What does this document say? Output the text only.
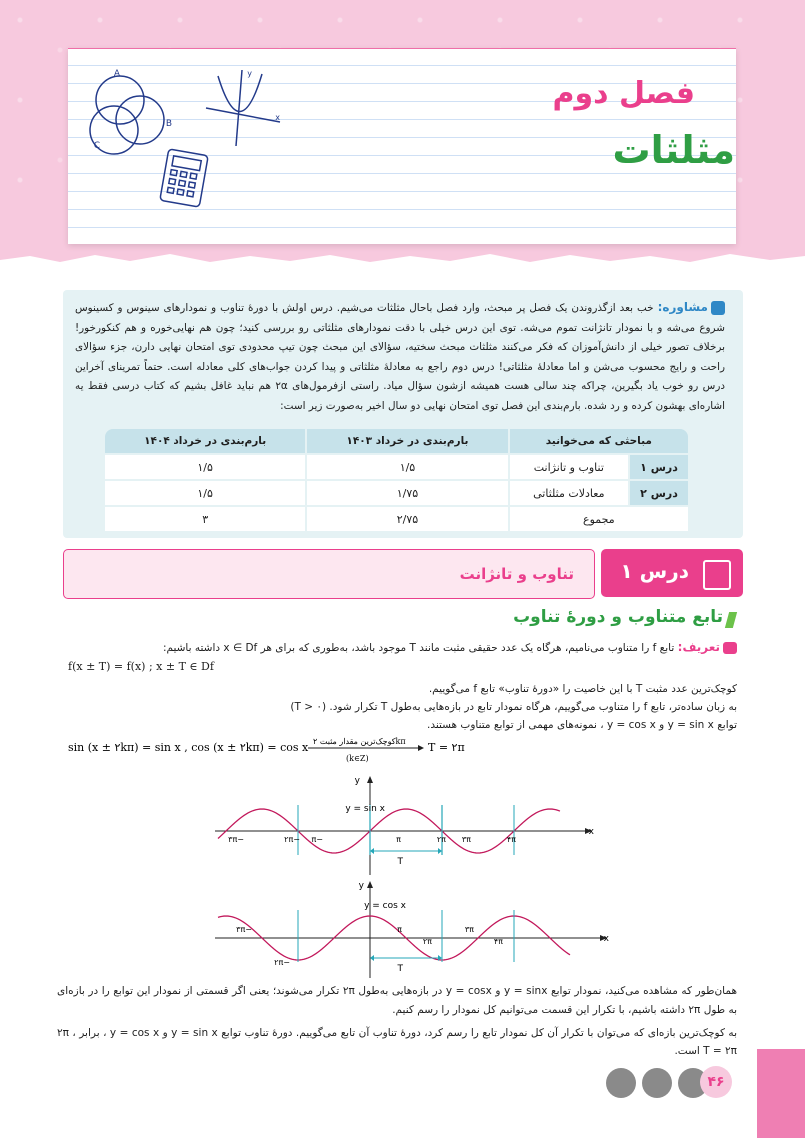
A
B
C
y
x
فصل دوم
مثلثات
مشاوره: خب بعد ازگذروندن یک فصل پر مبحث، وارد فصل باحال مثلثات می‌شیم. درس اولش با دورهٔ تناوب و نمودارهای سینوس و کسینوس شروع می‌شه و با نمودار تانژانت تموم می‌شه. توی این درس خیلی با دقت نمودارهای مثلثاتی رو بررسی کنید؛ چون هم نهایی‌خوره و هم کنکورخور! برخلاف تصور خیلی از دانش‌آموزان که فکر می‌کنند مثلثات مبحث سختیه، سؤالای این مبحث چون تیپ محدودی توی امتحان نهایی دارن، جزء سؤالای راحت و رایج محسوب می‌شن و اما معادلهٔ مثلثاتی! درس دوم راجع به معادلهٔ مثلثاتی و پیدا کردن جواب‌های کلی معادله است. حتماً تمرینای آخراین درس رو خوب یاد بگیرین، چراکه چند سالی هست همیشه ازشون سؤال میاد. راستی ازفرمول‌های ۲α هم نباید غافل بشیم که کتاب درسی فقط یه اشاره‌ای بهشون کرده و رد شده. بارم‌بندی این فصل توی امتحان نهایی دو سال اخیر به‌صورت زیر است:
مباحثی که می‌خوانید		بارم‌بندی در خرداد ۱۴۰۳	بارم‌بندی در خرداد ۱۴۰۴
درس ۱	تناوب و تانژانت	۱/۵	۱/۵
درس ۲	معادلات مثلثاتی	۱/۷۵	۱/۵
مجموع		۲/۷۵	۳
تناوب و تانژانت درس ۱
تابع متناوب و دورهٔ تناوب
تعریف: تابع f را متناوب می‌نامیم، هرگاه یک عدد حقیقی مثبت مانند T موجود باشد، به‌طوری که برای هر x ∈ Df داشته باشیم:
f(x ± T) = f(x) ; x ± T ∈ Df
کوچک‌ترین عدد مثبت T با این خاصیت را «دورهٔ تناوب» تابع f می‌گوییم.
به زبان ساده‌تر، تابع f را متناوب می‌گوییم، هرگاه نمودار تابع در بازه‌هایی به‌طول T تکرار شود. (T > ۰)
توابع y = sin x و y = cos x ، نمونه‌های مهمی از توابع متناوب هستند.
sin (x ± ۲kπ) = sin x , cos (x ± ۲kπ) = cos x کوچک‌ترین مقدار مثبت ۲kπ
(k∈Z)
T = ۲π
x
y
T
y = sin x
−۳π	−۲π −π	π	۲π ۳π	۴π
x
y
T
y = cos x
−۳π	π	۳π
−۲π
۲π	۴π
همان‌طور که مشاهده می‌کنید، نمودار توابع y = sinx و y = cosx در بازه‌هایی به‌طول ۲π تکرار می‌شوند؛ یعنی اگر قسمتی از نمودار این توابع را در بازه‌ای به طول ۲π داشته باشیم، با تکرار این قسمت می‌توانیم کل نمودار را رسم کنیم.
به کوچک‌ترین بازه‌ای که می‌توان با تکرار آن کل نمودار تابع را رسم کرد، دورهٔ تناوب آن تابع می‌گوییم. دورهٔ تناوب توابع y = sin x و y = cos x ، برابر ۲π ، T = ۲π است.
۴۶
